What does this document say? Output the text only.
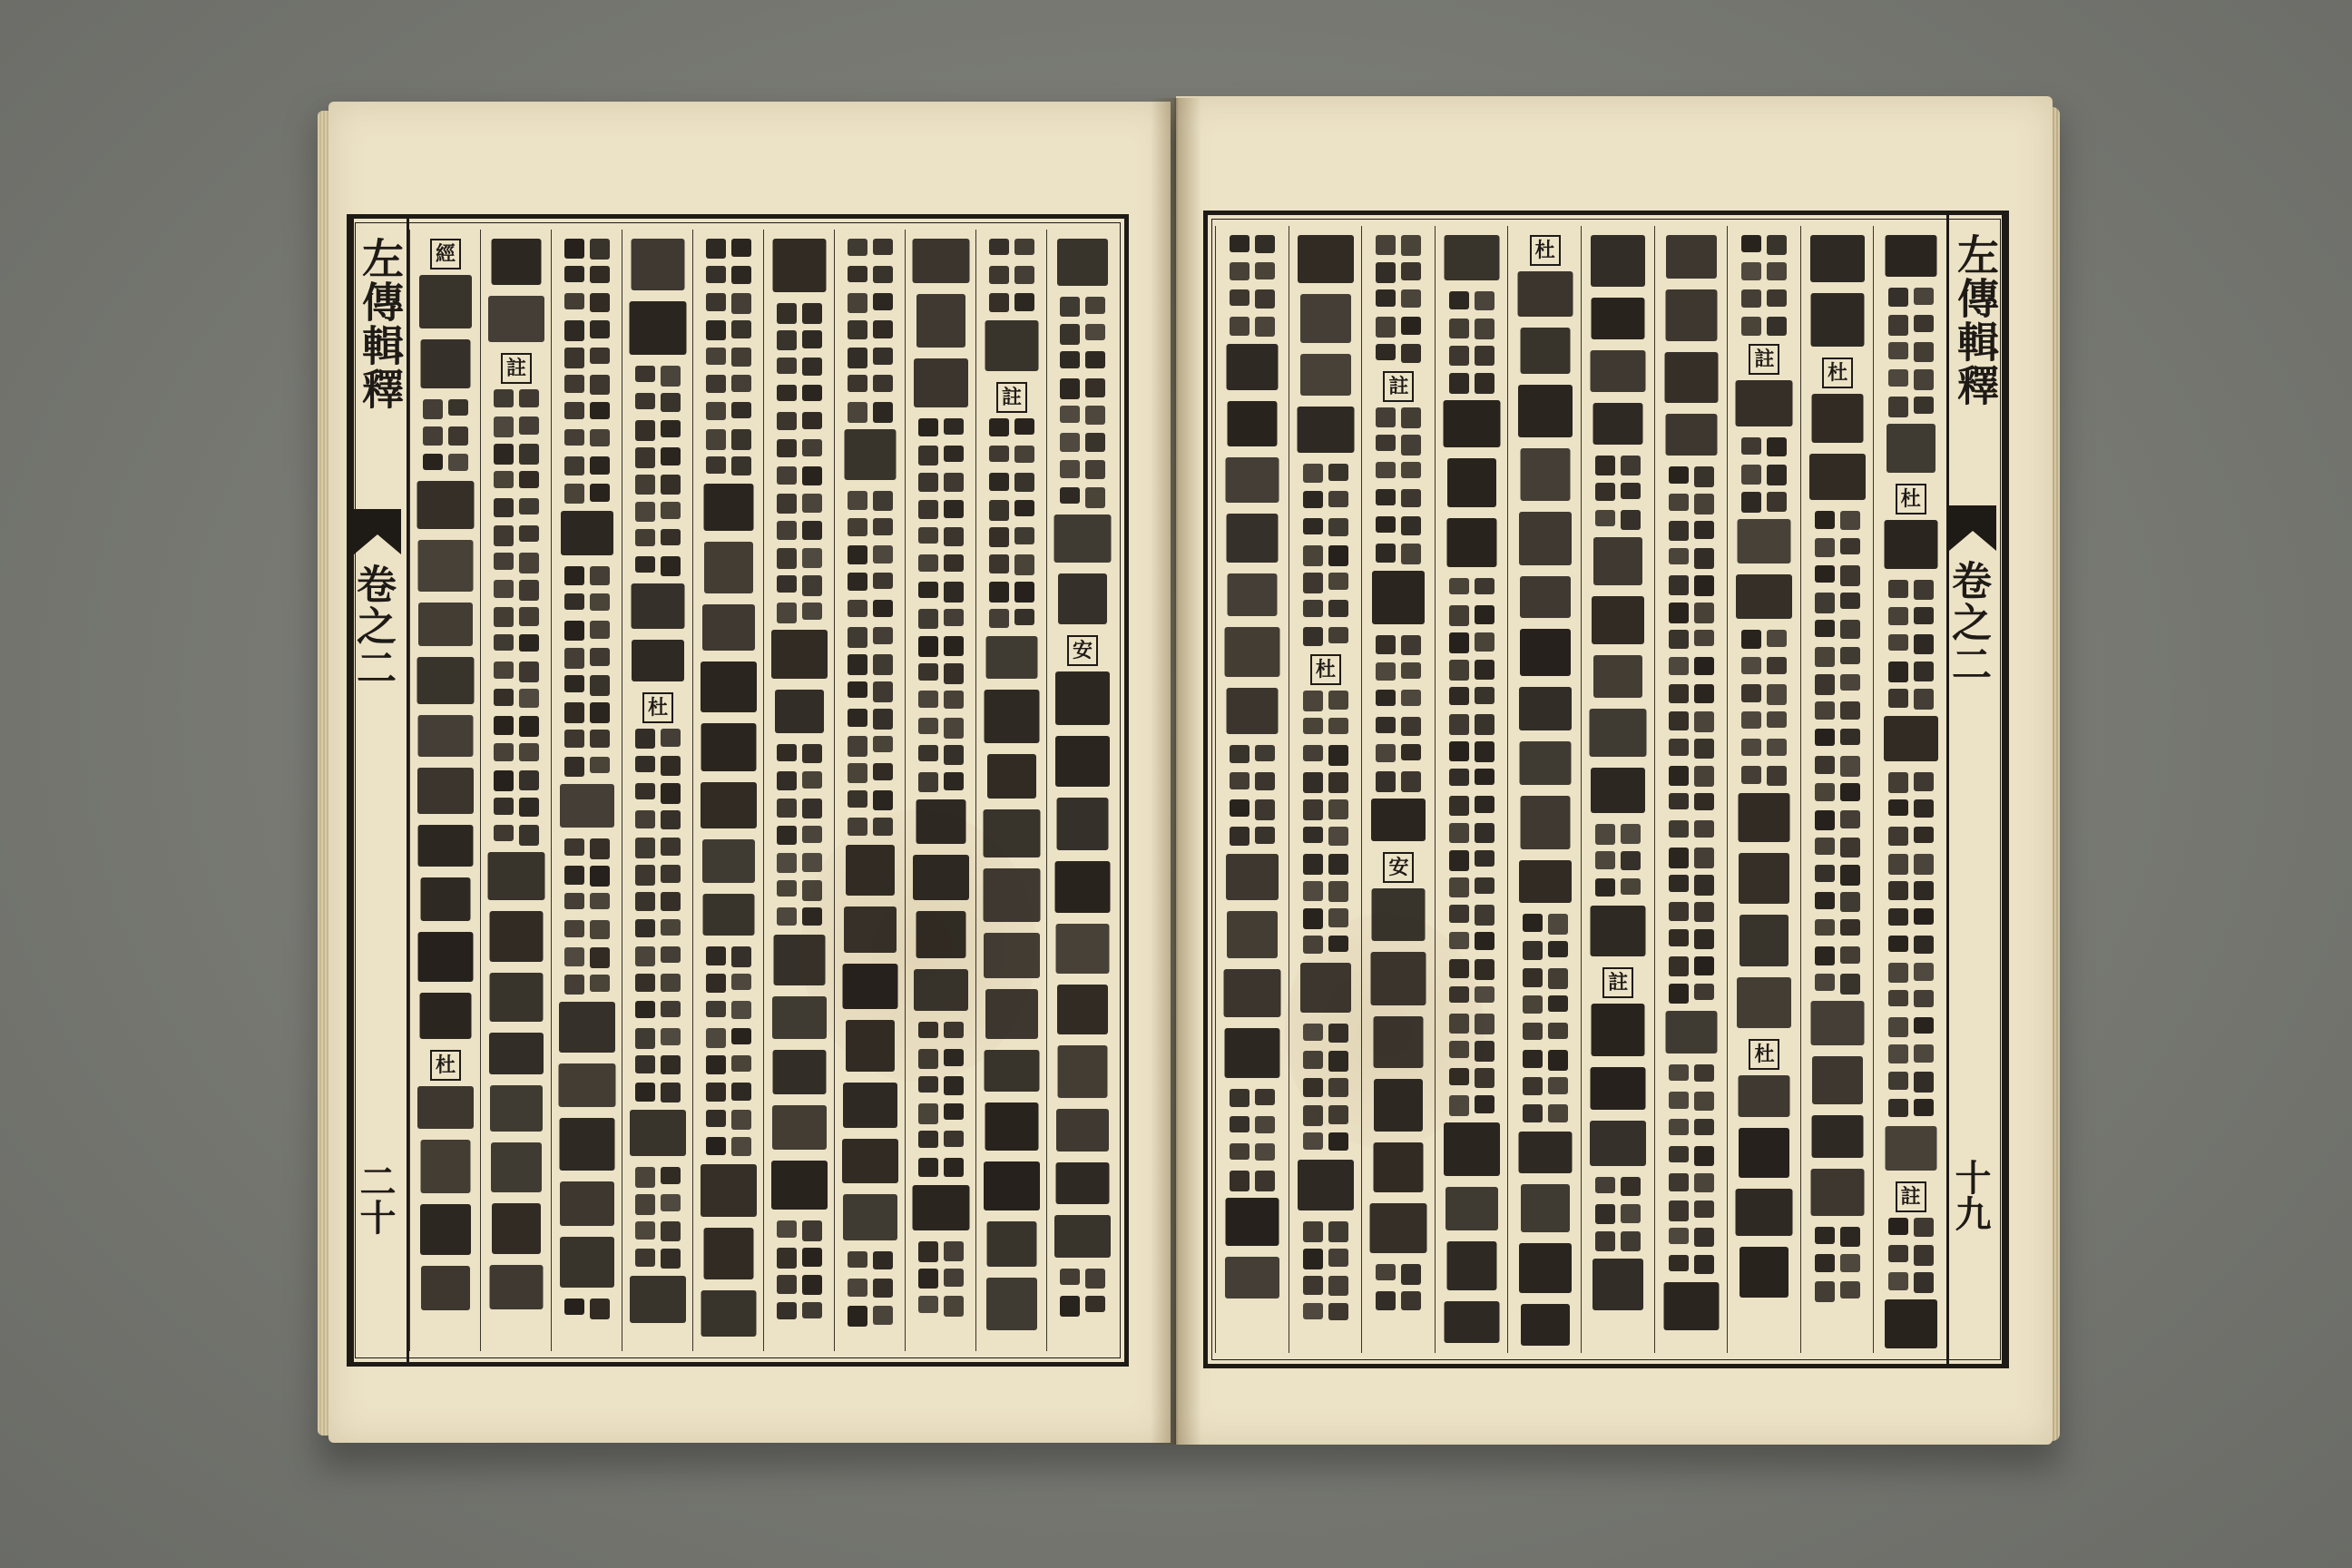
左傳輯釋
卷之二
二十
經
杜
註
杜
註
安
左傳輯釋
卷之二
十九
杜
註
杜
註
杜
註
杜
註
安
杜
